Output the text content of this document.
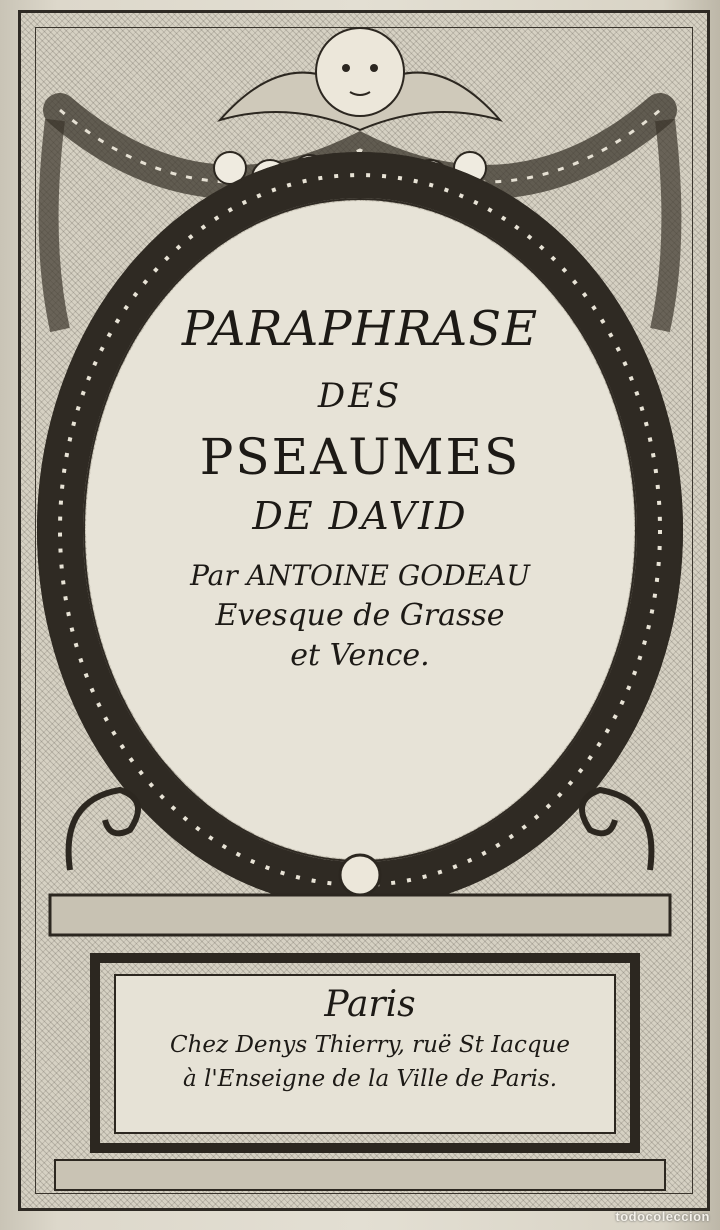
PARAPHRASE

DES

PSEAUMES

DE DAVID

Par ANTOINE GODEAU

Evesque de Grasse

et Vence.

Paris

Chez Denys Thierry, ruë St Iacque

à l'Enseigne de la Ville de Paris.

todocoleccion
